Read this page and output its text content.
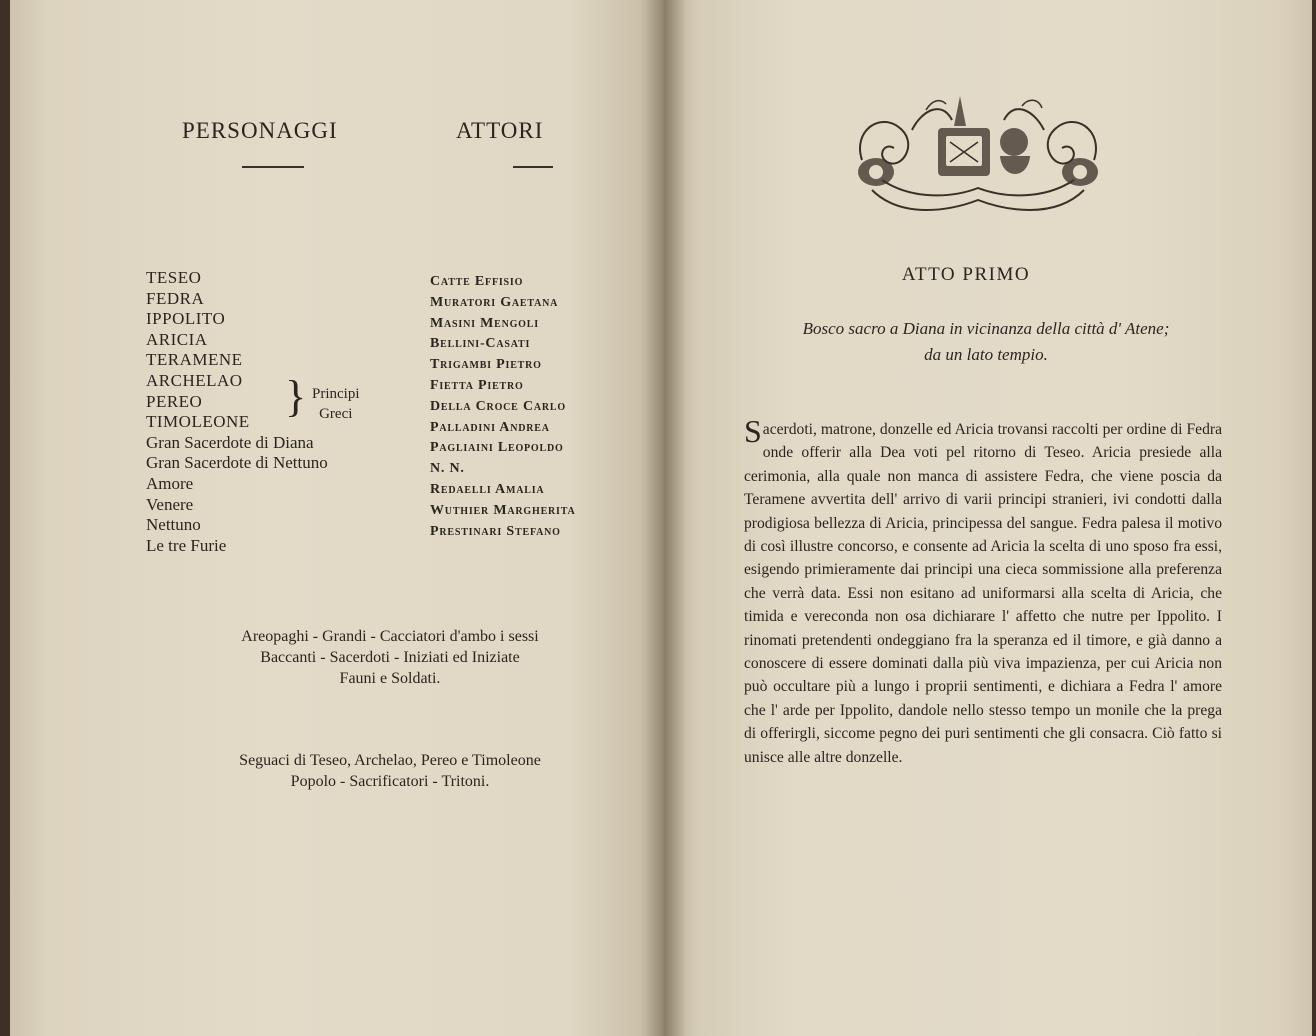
PERSONAGGI	ATTORI
TESEO
FEDRA
IPPOLITO
ARICIA
TERAMENE
ARCHELAO
PEREO
TIMOLEONE
Gran Sacerdote di Diana
Gran Sacerdote di Nettuno
Amore
Venere
Nettuno
Le tre Furie
} Principi
Greci
Catte Effisio
Muratori Gaetana
Masini Mengoli
Bellini-Casati
Trigambi Pietro
Fietta Pietro
Della Croce Carlo
Palladini Andrea
Pagliaini Leopoldo
N. N.
Redaelli Amalia
Wuthier Margherita
Prestinari Stefano
Areopaghi - Grandi - Cacciatori d'ambo i sessi
Baccanti - Sacerdoti - Iniziati ed Iniziate
Fauni e Soldati.
Seguaci di Teseo, Archelao, Pereo e Timoleone
Popolo - Sacrificatori - Tritoni.
ATTO PRIMO
Bosco sacro a Diana in vicinanza della città d' Atene;
da un lato tempio.
Sacerdoti, matrone, donzelle ed Aricia trovansi raccolti per ordine di Fedra onde offerir alla Dea voti pel ritorno di Teseo. Aricia presiede alla cerimonia, alla quale non manca di assistere Fedra, che viene poscia da Teramene avvertita dell' arrivo di varii principi stranieri, ivi condotti dalla prodigiosa bellezza di Aricia, principessa del sangue. Fedra palesa il motivo di così illustre concorso, e consente ad Aricia la scelta di uno sposo fra essi, esigendo primieramente dai principi una cieca sommissione alla preferenza che verrà data. Essi non esitano ad uniformarsi alla scelta di Aricia, che timida e vereconda non osa dichiarare l' affetto che nutre per Ippolito. I rinomati pretendenti ondeggiano fra la speranza ed il timore, e già danno a conoscere di essere dominati dalla più viva impazienza, per cui Aricia non può occultare più a lungo i proprii sentimenti, e dichiara a Fedra l' amore che l' arde per Ippolito, dandole nello stesso tempo un monile che la prega di offerirgli, siccome pegno dei puri sentimenti che gli consacra. Ciò fatto si unisce alle altre donzelle.
